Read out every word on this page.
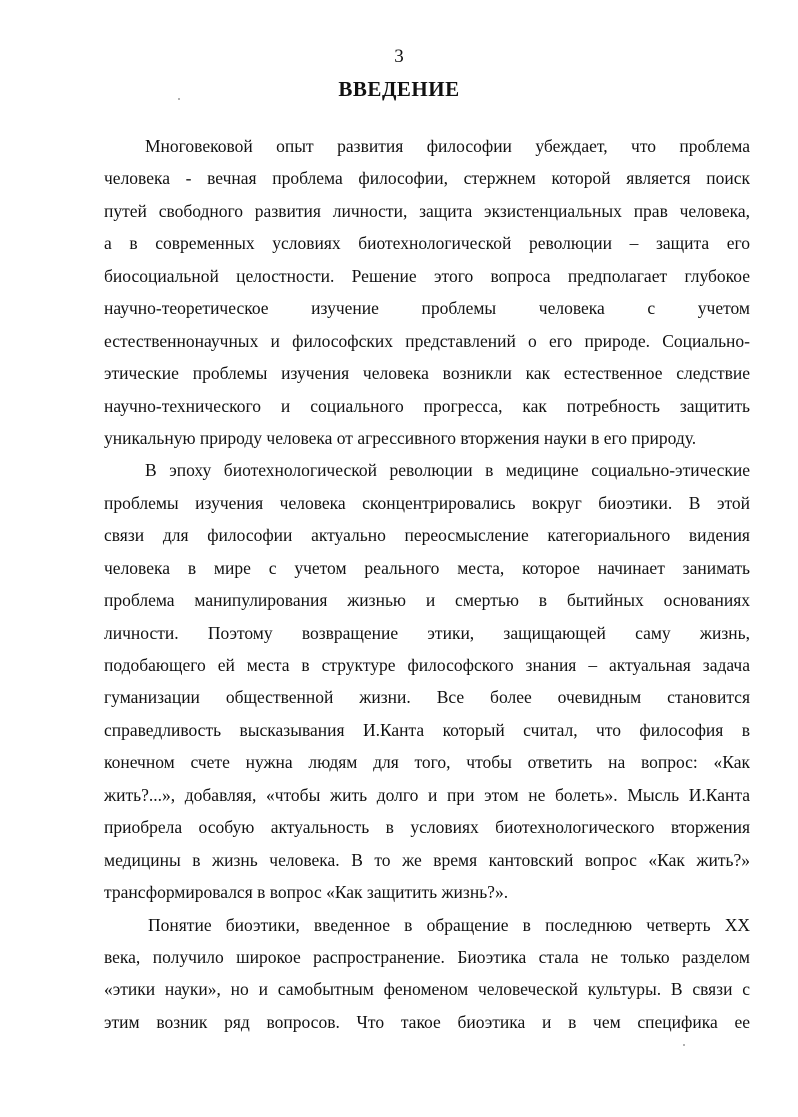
3
ВВЕДЕНИЕ

Многовековой опыт развития философии убеждает, что проблема
человека - вечная проблема философии, стержнем которой является поиск
путей свободного развития личности, защита экзистенциальных прав человека,
а в современных условиях биотехнологической революции – защита его
биосоциальной целостности. Решение этого вопроса предполагает глубокое
научно-теоретическое изучение проблемы человека с учетом
естественнонаучных и философских представлений о его природе. Социально-
этические проблемы изучения человека возникли как естественное следствие
научно-технического и социального прогресса, как потребность защитить
уникальную природу человека от агрессивного вторжения науки в его природу.

В эпоху биотехнологической революции в медицине социально-этические
проблемы изучения человека сконцентрировались вокруг биоэтики. В этой
связи для философии актуально переосмысление категориального видения
человека в мире с учетом реального места, которое начинает занимать
проблема манипулирования жизнью и смертью в бытийных основаниях
личности. Поэтому возвращение этики, защищающей саму жизнь,
подобающего ей места в структуре философского знания – актуальная задача
гуманизации общественной жизни. Все более очевидным становится
справедливость высказывания И.Канта который считал, что философия в
конечном счете нужна людям для того, чтобы ответить на вопрос: «Как
жить?...», добавляя, «чтобы жить долго и при этом не болеть». Мысль И.Канта
приобрела особую актуальность в условиях биотехнологического вторжения
медицины в жизнь человека. В то же время кантовский вопрос «Как жить?»
трансформировался в вопрос «Как защитить жизнь?».

Понятие биоэтики, введенное в обращение в последнюю четверть XX
века, получило широкое распространение. Биоэтика стала не только разделом
«этики науки», но и самобытным феноменом человеческой культуры. В связи с
этим возник ряд вопросов. Что такое биоэтика и в чем специфика ее
